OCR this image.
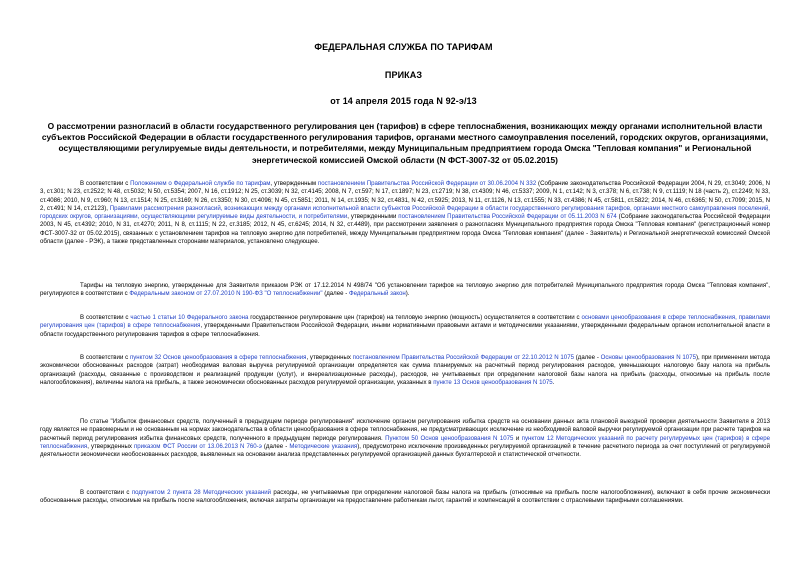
ФЕДЕРАЛЬНАЯ СЛУЖБА ПО ТАРИФАМ
ПРИКАЗ
от 14 апреля 2015 года N 92-э/13
О рассмотрении разногласий в области государственного регулирования цен (тарифов) в сфере теплоснабжения, возникающих между органами исполнительной власти субъектов Российской Федерации в области государственного регулирования тарифов, органами местного самоуправления поселений, городских округов, организациями, осуществляющими регулируемые виды деятельности, и потребителями, между Муниципальным предприятием города Омска "Тепловая компания" и Региональной энергетической комиссией Омской области (N ФСТ-3007-32 от 05.02.2015)
В соответствии с Положением о Федеральной службе по тарифам, утвержденным постановлением Правительства Российской Федерации от 30.06.2004 N 332 (Собрание законодательства Российской Федерации 2004, N 29, ст.3049; 2006, N 3, ст.301; N 23, ст.2522; N 48, ст.5032; N 50, ст.5354; 2007, N 16, ст.1912; N 25, ст.3039; N 32, ст.4145; 2008, N 7, ст.597; N 17, ст.1897; N 23, ст.2719; N 38, ст.4309; N 46, ст.5337; 2009, N 1, ст.142; N 3, ст.378; N 6, ст.738; N 9, ст.1119; N 18 (часть 2), ст.2249; N 33, ст.4086; 2010, N 9, ст.960; N 13, ст.1514; N 25, ст.3169; N 26, ст.3350; N 30, ст.4096; N 45, ст.5851; 2011, N 14, ст.1935; N 32, ст.4831, N 42, ст.5925; 2013, N 11, ст.1126, N 13, ст.1555; N 33, ст.4386; N 45, ст.5811, ст.5822; 2014, N 46, ст.6365; N 50, ст.7099; 2015, N 2, ст.491; N 14, ст.2123), Правилами рассмотрения разногласий, возникающих между органами исполнительной власти субъектов Российской Федерации в области государственного регулирования тарифов, органами местного самоуправления поселений, городских округов, организациями, осуществляющими регулируемые виды деятельности, и потребителями, утвержденными постановлением Правительства Российской Федерации от 05.11.2003 N 674 (Собрание законодательства Российской Федерации 2003, N 45, ст.4392; 2010, N 31, ст.4270; 2011, N 8, ст.1115; N 22, ст.3185; 2012, N 45, ст.6245; 2014, N 32, ст.4489), при рассмотрении заявления о разногласиях Муниципального предприятия города Омска "Тепловая компания" (регистрационный номер ФСТ-3007-32 от 05.02.2015), связанных с установлением тарифов на тепловую энергию для потребителей, между Муниципальным предприятием города Омска "Тепловая компания" (далее - Заявитель) и Региональной энергетической комиссией Омской области (далее - РЭК), а также представленных сторонами материалов, установлено следующее.
Тарифы на тепловую энергию, утвержденные для Заявителя приказом РЭК от 17.12.2014 N 498/74 "Об установлении тарифов на тепловую энергию для потребителей Муниципального предприятия города Омска "Тепловая компания", регулируются в соответствии с Федеральным законом от 27.07.2010 N 190-ФЗ "О теплоснабжении" (далее - Федеральный закон).
В соответствии с частью 1 статьи 10 Федерального закона государственное регулирование цен (тарифов) на тепловую энергию (мощность) осуществляется в соответствии с основами ценообразования в сфере теплоснабжения, правилами регулирования цен (тарифов) в сфере теплоснабжения, утвержденными Правительством Российской Федерации, иными нормативными правовыми актами и методическими указаниями, утвержденными федеральным органом исполнительной власти в области государственного регулирования тарифов в сфере теплоснабжения.
В соответствии с пунктом 32 Основ ценообразования в сфере теплоснабжения, утвержденных постановлением Правительства Российской Федерации от 22.10.2012 N 1075 (далее - Основы ценообразования N 1075), при применении метода экономически обоснованных расходов (затрат) необходимая валовая выручка регулируемой организации определяется как сумма планируемых на расчетный период регулирования расходов, уменьшающих налоговую базу налога на прибыль организаций (расходы, связанные с производством и реализацией продукции (услуг), и внереализационные расходы), расходов, не учитываемых при определении налоговой базы налога на прибыль (расходы, относимые на прибыль после налогообложения), величины налога на прибыль, а также экономически обоснованных расходов регулируемой организации, указанных в пункте 13 Основ ценообразования N 1075.
По статье "Избыток финансовых средств, полученный в предыдущем периоде регулирования" исключение органом регулирования избытка средств на основании данных акта плановой выездной проверки деятельности Заявителя в 2013 году является не правомерным и не основанным на нормах законодательства в области ценообразования в сфере теплоснабжения, не предусматривающих исключение из необходимой валовой выручки регулируемой организации при расчете тарифов на расчетный период регулирования избытка финансовых средств, полученного в предыдущем периоде регулирования. Пунктом 50 Основ ценообразования N 1075 и пунктом 12 Методических указаний по расчету регулируемых цен (тарифов) в сфере теплоснабжения, утвержденных приказом ФСТ России от 13.06.2013 N 760-э (далее - Методические указания), предусмотрено исключение произведенных регулируемой организацией в течение расчетного периода за счет поступлений от регулируемой деятельности экономически необоснованных расходов, выявленных на основании анализа представленных регулируемой организацией данных бухгалтерской и статистической отчетности.
В соответствии с подпунктом 2 пункта 28 Методических указаний расходы, не учитываемые при определении налоговой базы налога на прибыль (относимые на прибыль после налогообложения), включают в себя прочие экономически обоснованные расходы, относимые на прибыль после налогообложения, включая затраты организации на предоставление работникам льгот, гарантий и компенсаций в соответствии с отраслевыми тарифными соглашениями.
